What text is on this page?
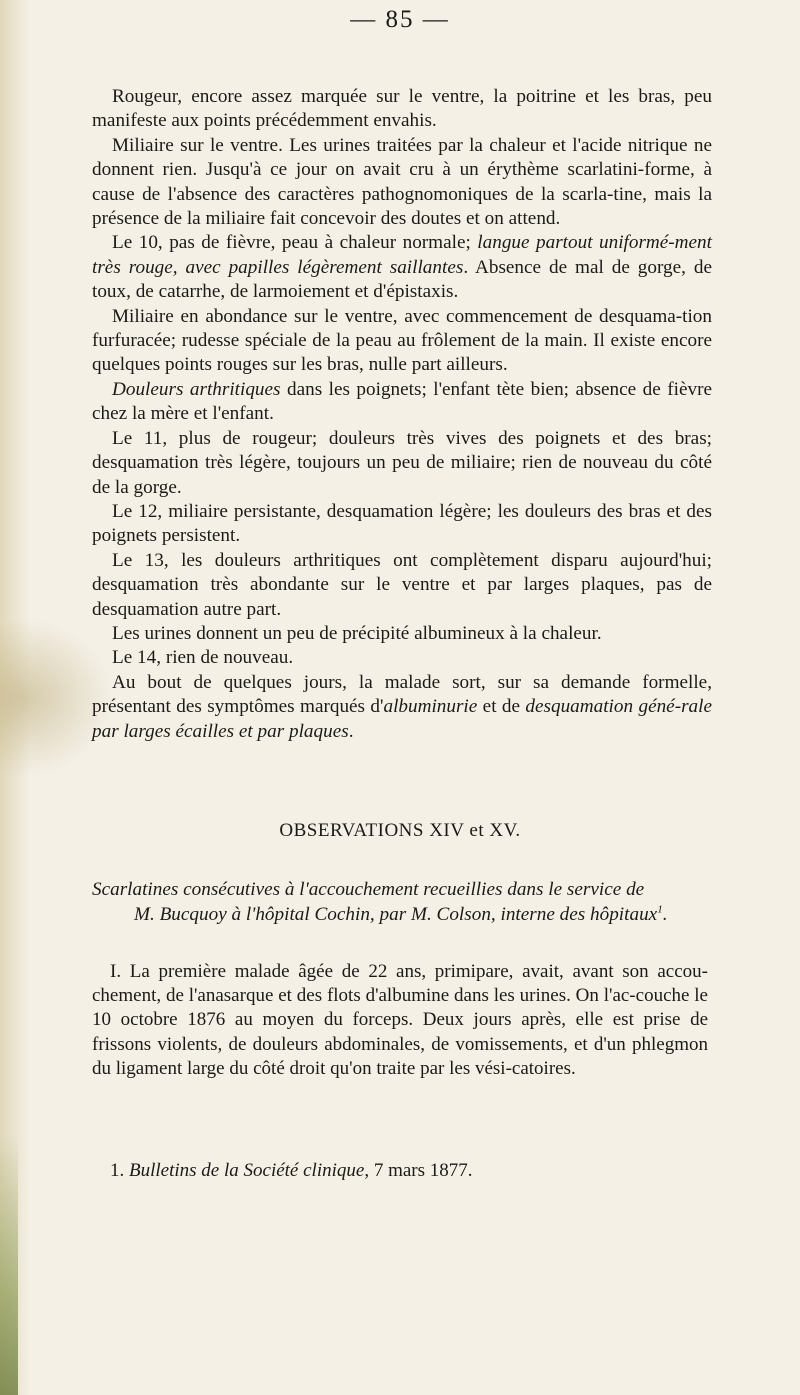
— 85 —

Rougeur, encore assez marquée sur le ventre, la poitrine et les bras, peu manifeste aux points précédemment envahis.

Miliaire sur le ventre. Les urines traitées par la chaleur et l'acide nitrique ne donnent rien. Jusqu'à ce jour on avait cru à un érythème scarlatini-forme, à cause de l'absence des caractères pathognomoniques de la scarla-tine, mais la présence de la miliaire fait concevoir des doutes et on attend.

Le 10, pas de fièvre, peau à chaleur normale; langue partout uniformé-ment très rouge, avec papilles légèrement saillantes. Absence de mal de gorge, de toux, de catarrhe, de larmoiement et d'épistaxis.

Miliaire en abondance sur le ventre, avec commencement de desquama-tion furfuracée; rudesse spéciale de la peau au frôlement de la main. Il existe encore quelques points rouges sur les bras, nulle part ailleurs.

Douleurs arthritiques dans les poignets; l'enfant tète bien; absence de fièvre chez la mère et l'enfant.

Le 11, plus de rougeur; douleurs très vives des poignets et des bras; desquamation très légère, toujours un peu de miliaire; rien de nouveau du côté de la gorge.

Le 12, miliaire persistante, desquamation légère; les douleurs des bras et des poignets persistent.

Le 13, les douleurs arthritiques ont complètement disparu aujourd'hui; desquamation très abondante sur le ventre et par larges plaques, pas de desquamation autre part.

Les urines donnent un peu de précipité albumineux à la chaleur.

Le 14, rien de nouveau.

Au bout de quelques jours, la malade sort, sur sa demande formelle, présentant des symptômes marqués d'albuminurie et de desquamation géné-rale par larges écailles et par plaques.

OBSERVATIONS XIV et XV.
Scarlatines consécutives à l'accouchement recueillies dans le service de
M. Bucquoy à l'hôpital Cochin, par M. Colson, interne des hôpitaux$^1$.

I. La première malade âgée de 22 ans, primipare, avait, avant son accou-chement, de l'anasarque et des flots d'albumine dans les urines. On l'ac-couche le 10 octobre 1876 au moyen du forceps. Deux jours après, elle est prise de frissons violents, de douleurs abdominales, de vomissements, et d'un phlegmon du ligament large du côté droit qu'on traite par les vési-catoires.

1. Bulletins de la Société clinique, 7 mars 1877.
